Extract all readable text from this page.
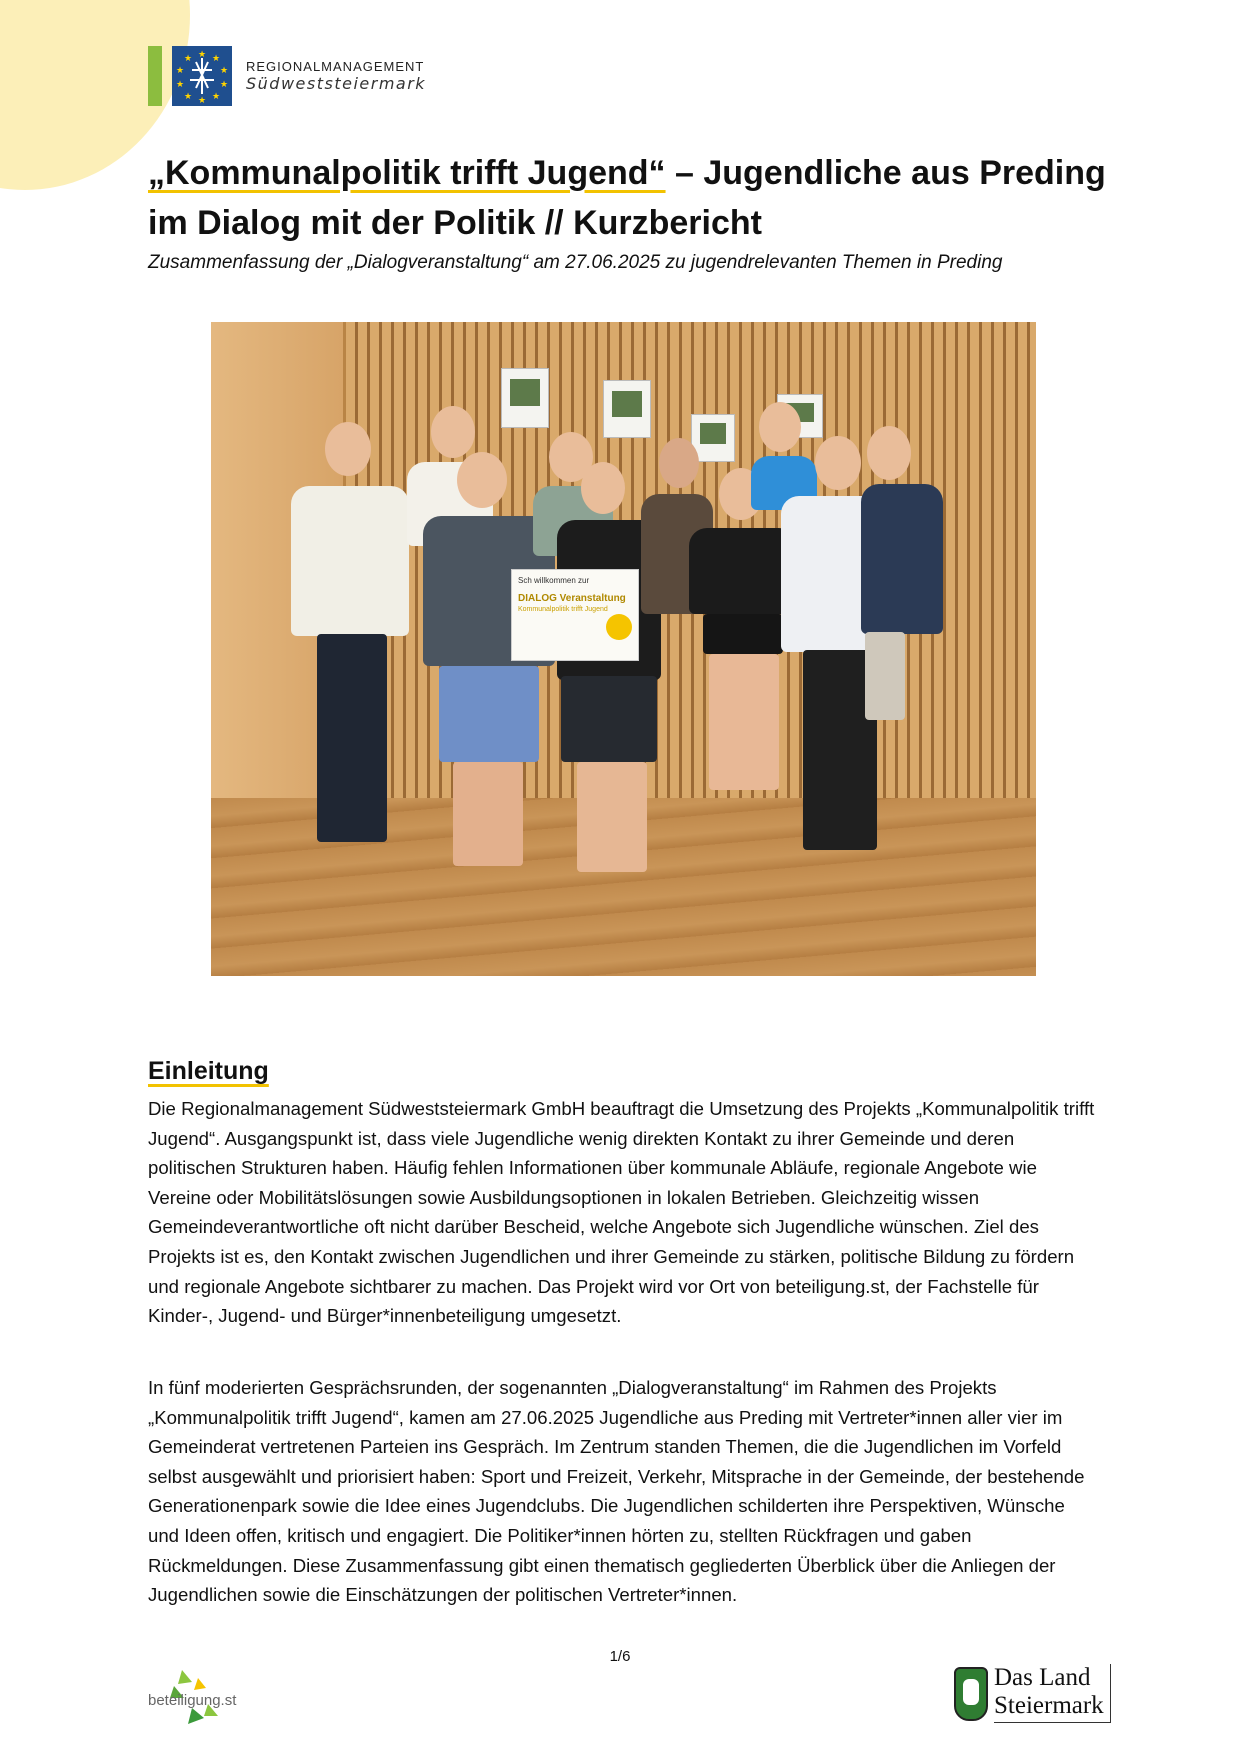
★ ★
★
★
★
★
★
★
★
★
REGIONALMANAGEMENT
Südweststeiermark
„Kommunalpolitik trifft Jugend“ – Jugendliche aus Preding im Dialog mit der Politik // Kurzbericht
Zusammenfassung der „Dialogveranstaltung“ am 27.06.2025 zu jugendrelevanten Themen in Preding
Sch willkommen zur
DIALOG Veranstaltung
Kommunalpolitik trifft Jugend
Einleitung

Die Regionalmanagement Südweststeiermark GmbH beauftragt die Umsetzung des Projekts „Kommunalpolitik trifft Jugend“. Ausgangspunkt ist, dass viele Jugendliche wenig direkten Kontakt zu ihrer Gemeinde und deren politischen Strukturen haben. Häufig fehlen Informationen über kommunale Abläufe, regionale Angebote wie Vereine oder Mobilitätslösungen sowie Ausbildungsoptionen in lokalen Betrieben. Gleichzeitig wissen Gemeindeverantwortliche oft nicht darüber Bescheid, welche Angebote sich Jugendliche wünschen. Ziel des Projekts ist es, den Kontakt zwischen Jugendlichen und ihrer Gemeinde zu stärken, politische Bildung zu fördern und regionale Angebote sichtbarer zu machen. Das Projekt wird vor Ort von beteiligung.st, der Fachstelle für Kinder-, Jugend- und Bürger*innenbeteiligung umgesetzt.

In fünf moderierten Gesprächsrunden, der sogenannten „Dialogveranstaltung“ im Rahmen des Projekts „Kommunalpolitik trifft Jugend“, kamen am 27.06.2025 Jugendliche aus Preding mit Vertreter*innen aller vier im Gemeinderat vertretenen Parteien ins Gespräch. Im Zentrum standen Themen, die die Jugendlichen im Vorfeld selbst ausgewählt und priorisiert haben: Sport und Freizeit, Verkehr, Mitsprache in der Gemeinde, der bestehende Generationenpark sowie die Idee eines Jugendclubs. Die Jugendlichen schilderten ihre Perspektiven, Wünsche und Ideen offen, kritisch und engagiert. Die Politiker*innen hörten zu, stellten Rückfragen und gaben Rückmeldungen. Diese Zusammenfassung gibt einen thematisch gegliederten Überblick über die Anliegen der Jugendlichen sowie die Einschätzungen der politischen Vertreter*innen.

1/6
beteiligung.st
Das Land
Steiermark
